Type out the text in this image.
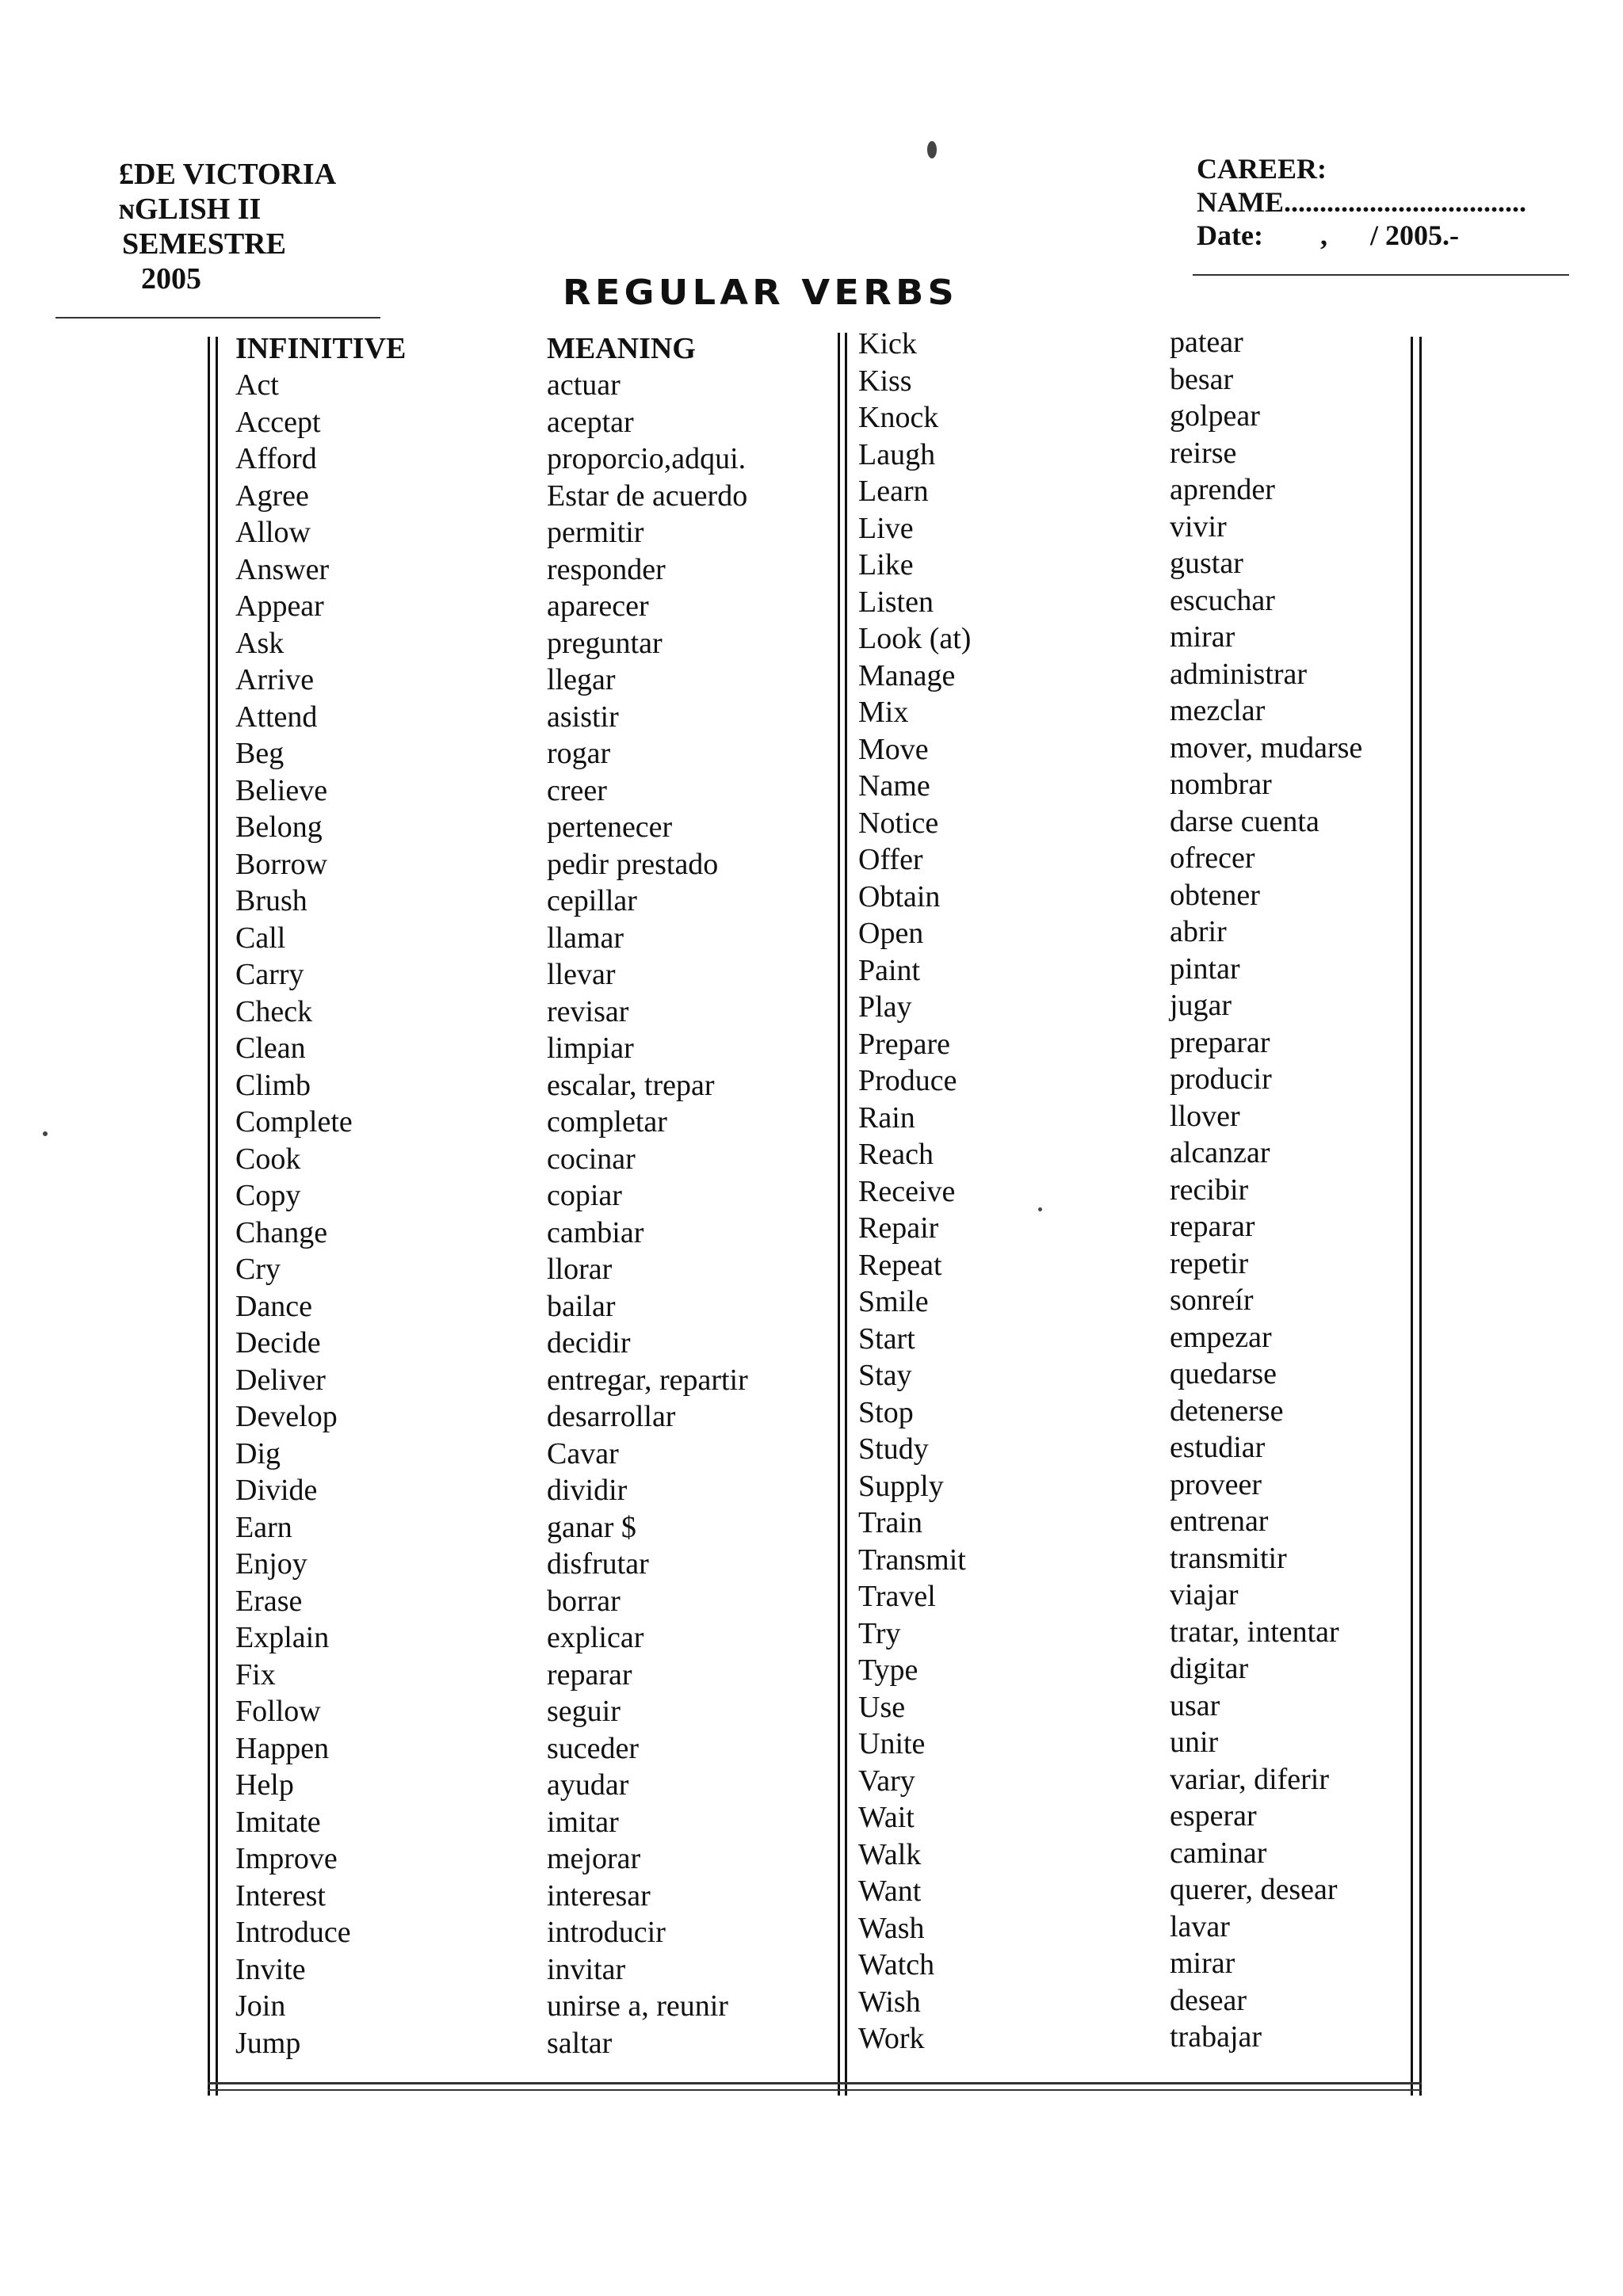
£DE VICTORIA
ɴGLISH II
SEMESTRE
2005
CAREER:
NAME..................................
Date:        ,      / 2005.-
REGULAR VERBS
INFINITIVE
Act
Accept
Afford
Agree
Allow
Answer
Appear
Ask
Arrive
Attend
Beg
Believe
Belong
Borrow
Brush
Call
Carry
Check
Clean
Climb
Complete
Cook
Copy
Change
Cry
Dance
Decide
Deliver
Develop
Dig
Divide
Earn
Enjoy
Erase
Explain
Fix
Follow
Happen
Help
Imitate
Improve
Interest
Introduce
Invite
Join
Jump
MEANING
actuar
aceptar
proporcio,adqui.
Estar de acuerdo
permitir
responder
aparecer
preguntar
llegar
asistir
rogar
creer
pertenecer
pedir prestado
cepillar
llamar
llevar
revisar
limpiar
escalar, trepar
completar
cocinar
copiar
cambiar
llorar
bailar
decidir
entregar, repartir
desarrollar
Cavar
dividir
ganar $
disfrutar
borrar
explicar
reparar
seguir
suceder
ayudar
imitar
mejorar
interesar
introducir
invitar
unirse a, reunir
saltar
Kick
Kiss
Knock
Laugh
Learn
Live
Like
Listen
Look (at)
Manage
Mix
Move
Name
Notice
Offer
Obtain
Open
Paint
Play
Prepare
Produce
Rain
Reach
Receive
Repair
Repeat
Smile
Start
Stay
Stop
Study
Supply
Train
Transmit
Travel
Try
Type
Use
Unite
Vary
Wait
Walk
Want
Wash
Watch
Wish
Work
patear
besar
golpear
reirse
aprender
vivir
gustar
escuchar
mirar
administrar
mezclar
mover, mudarse
nombrar
darse cuenta
ofrecer
obtener
abrir
pintar
jugar
preparar
producir
llover
alcanzar
recibir
reparar
repetir
sonreír
empezar
quedarse
detenerse
estudiar
proveer
entrenar
transmitir
viajar
tratar, intentar
digitar
usar
unir
variar, diferir
esperar
caminar
querer, desear
lavar
mirar
desear
trabajar
